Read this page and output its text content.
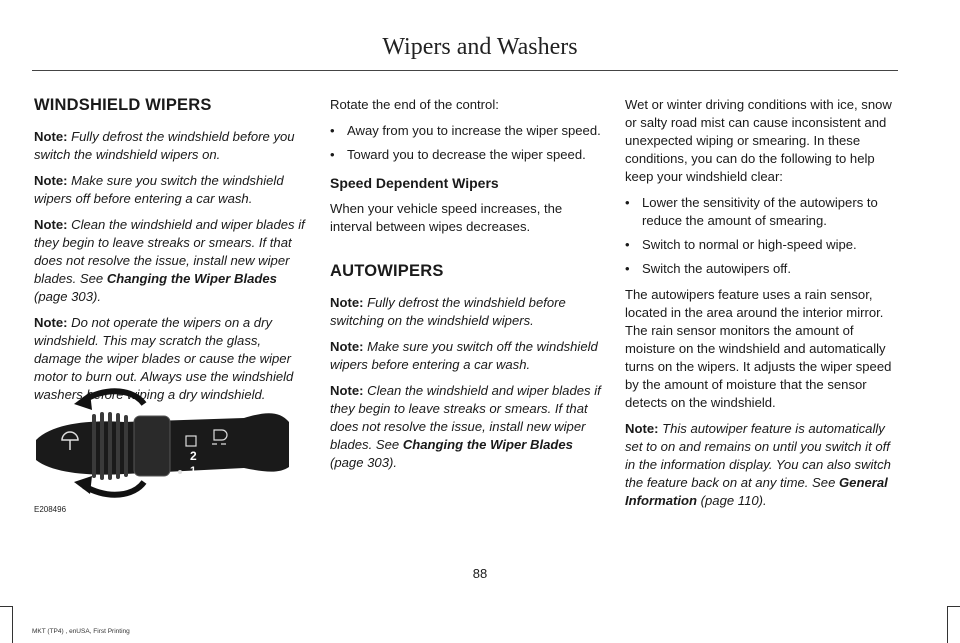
Wipers and Washers
WINDSHIELD WIPERS

Note: Fully defrost the windshield before you switch the windshield wipers on.

Note: Make sure you switch the windshield wipers off before entering a car wash.

Note: Clean the windshield and wiper blades if they begin to leave streaks or smears. If that does not resolve the issue, install new wiper blades. See Changing the Wiper Blades (page 303).

Note: Do not operate the wipers on a dry windshield. This may scratch the glass, damage the wiper blades or cause the wiper motor to burn out. Always use the windshield washers before wiping a dry windshield.

2
1
0
E208496

Rotate the end of the control:

• Away from you to increase the wiper speed.
• Toward you to decrease the wiper speed.
Speed Dependent Wipers

When your vehicle speed increases, the interval between wipes decreases.

AUTOWIPERS

Note: Fully defrost the windshield before switching on the windshield wipers.

Note: Make sure you switch off the windshield wipers before entering a car wash.

Note: Clean the windshield and wiper blades if they begin to leave streaks or smears. If that does not resolve the issue, install new wiper blades. See Changing the Wiper Blades (page 303).

Wet or winter driving conditions with ice, snow or salty road mist can cause inconsistent and unexpected wiping or smearing. In these conditions, you can do the following to help keep your windshield clear:

• Lower the sensitivity of the autowipers to reduce the amount of smearing.
• Switch to normal or high-speed wipe.
• Switch the autowipers off.

The autowipers feature uses a rain sensor, located in the area around the interior mirror. The rain sensor monitors the amount of moisture on the windshield and automatically turns on the wipers. It adjusts the wiper speed by the amount of moisture that the sensor detects on the windshield.

Note: This autowiper feature is automatically set to on and remains on until you switch it off in the information display. You can also switch the feature back on at any time. See General Information (page 110).

88
MKT (TP4) , enUSA, First Printing
